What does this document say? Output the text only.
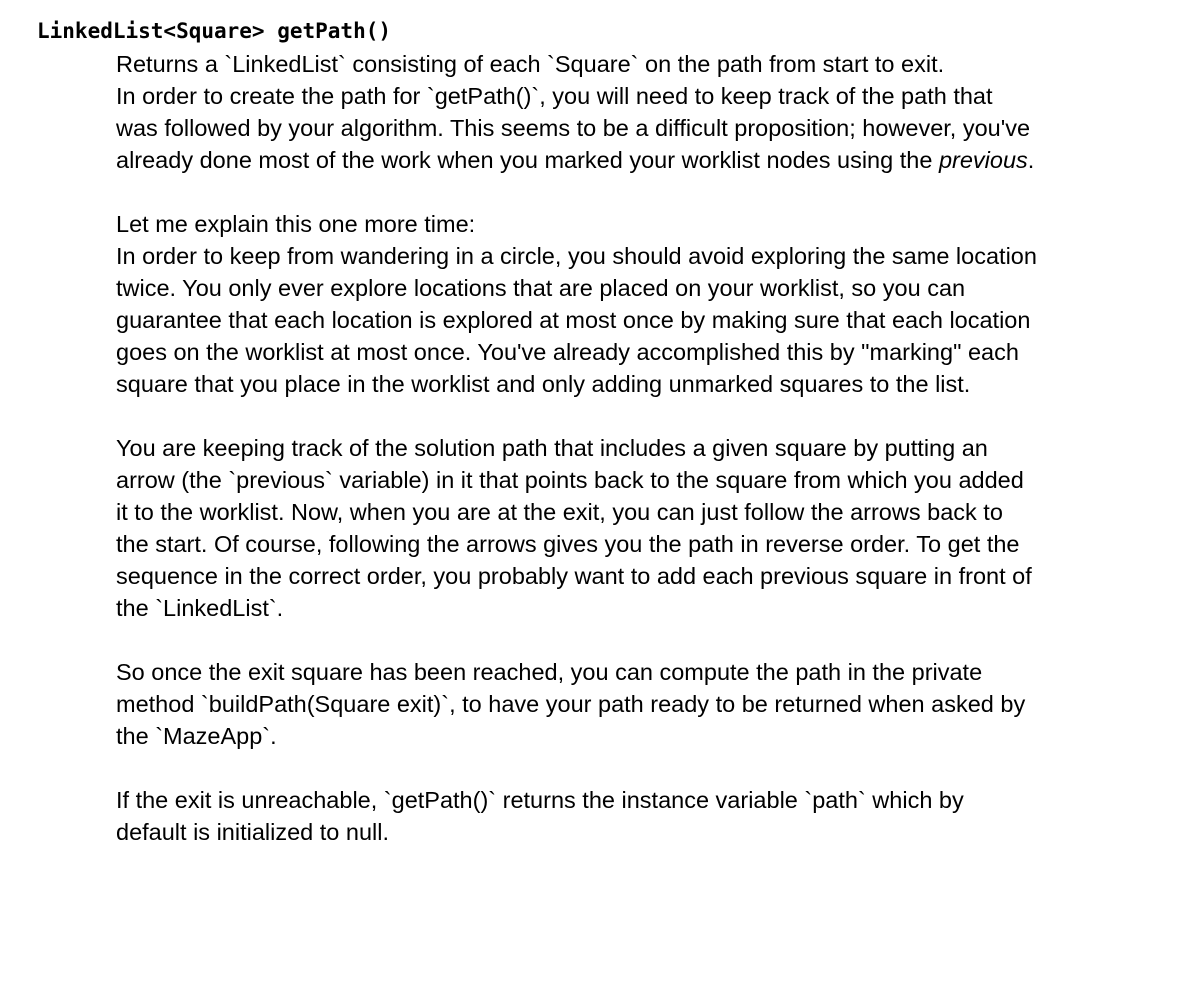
LinkedList<Square> getPath()

Returns a `LinkedList` consisting of each `Square` on the path from start to exit.
In order to create the path for `getPath()`, you will need to keep track of the path that
was followed by your algorithm. This seems to be a difficult proposition; however, you've
already done most of the work when you marked your worklist nodes using the previous.

Let me explain this one more time:
In order to keep from wandering in a circle, you should avoid exploring the same location
twice. You only ever explore locations that are placed on your worklist, so you can
guarantee that each location is explored at most once by making sure that each location
goes on the worklist at most once. You've already accomplished this by "marking" each
square that you place in the worklist and only adding unmarked squares to the list.

You are keeping track of the solution path that includes a given square by putting an
arrow (the `previous` variable) in it that points back to the square from which you added
it to the worklist. Now, when you are at the exit, you can just follow the arrows back to
the start. Of course, following the arrows gives you the path in reverse order. To get the
sequence in the correct order, you probably want to add each previous square in front of
the `LinkedList`.

So once the exit square has been reached, you can compute the path in the private
method `buildPath(Square exit)`, to have your path ready to be returned when asked by
the `MazeApp`.

If the exit is unreachable, `getPath()` returns the instance variable `path` which by
default is initialized to null.
